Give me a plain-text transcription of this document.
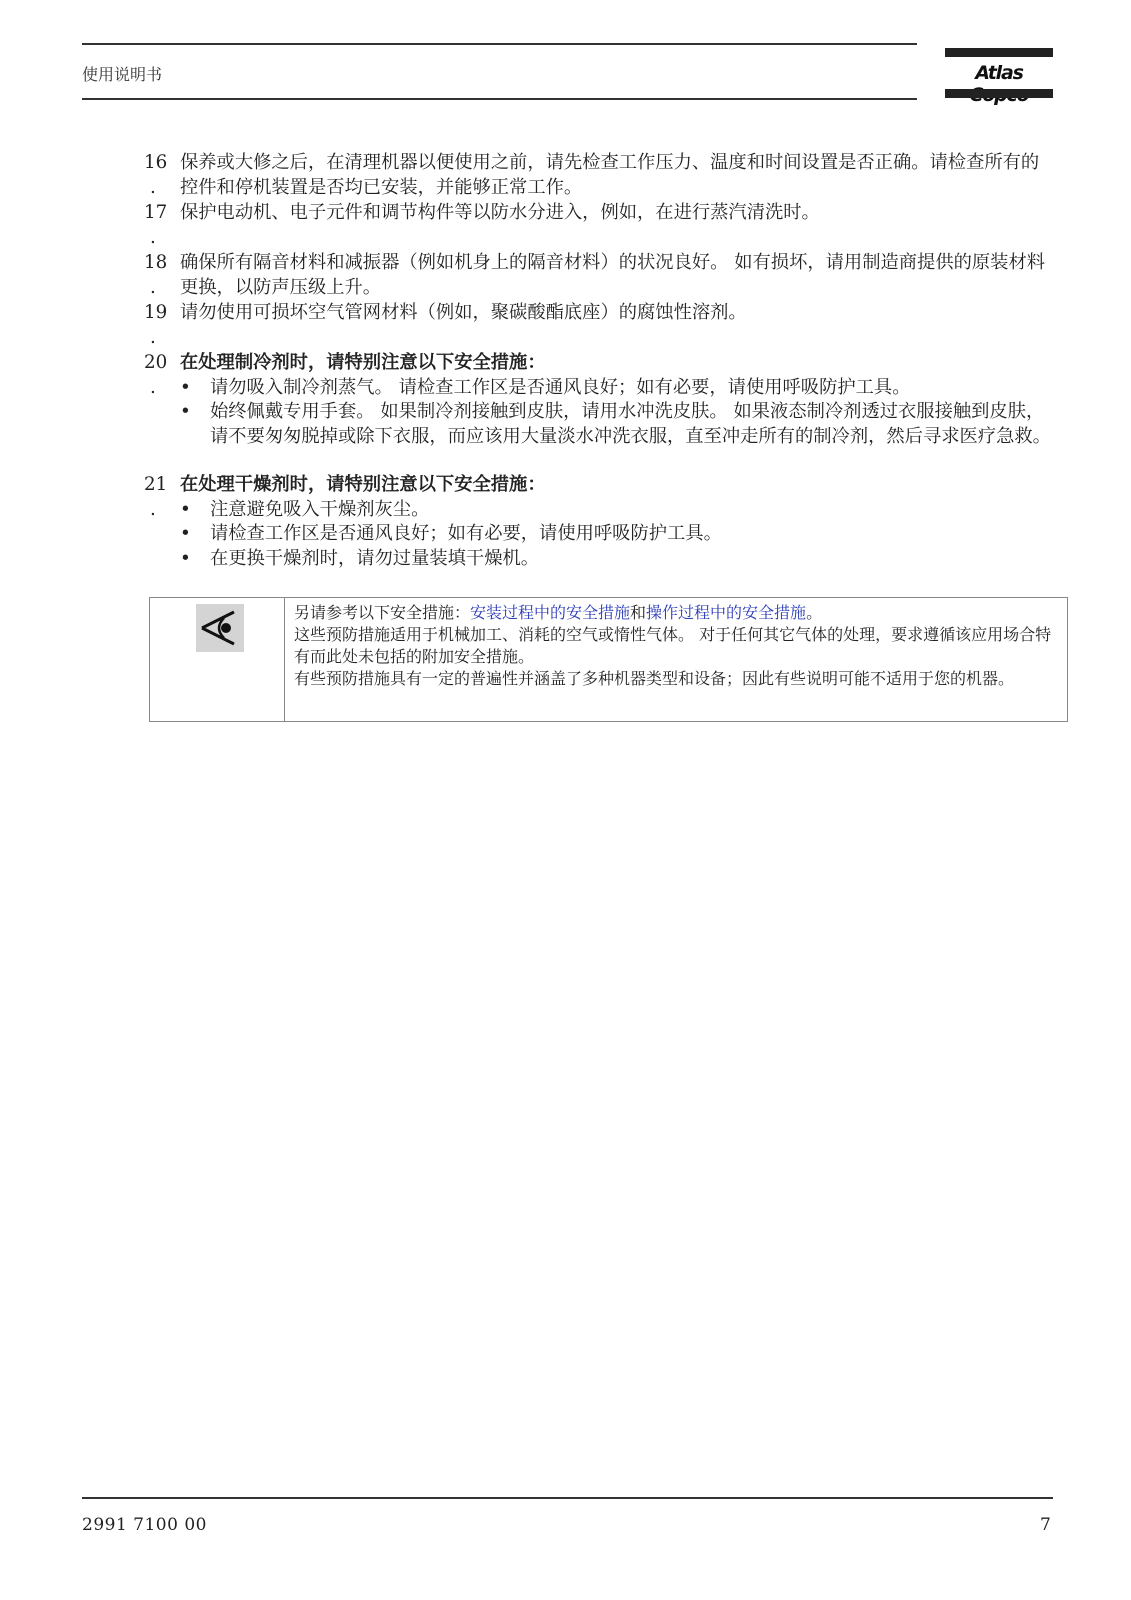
使用说明书	Atlas
16
.
保养或大修之后，在清理机器以便使用之前，请先检查工作压力、温度和时间设置是否正确。请检查所有的控件和停机装置是否均已安装，并能够正常工作。
17
.
保护电动机、电子元件和调节构件等以防水分进入，例如，在进行蒸汽清洗时。
18
.
确保所有隔音材料和减振器（例如机身上的隔音材料）的状况良好。 如有损坏，请用制造商提供的原装材料更换，以防声压级上升。
19
.
请勿使用可损坏空气管网材料（例如，聚碳酸酯底座）的腐蚀性溶剂。
20
.
在处理制冷剂时，请特别注意以下安全措施：
• 请勿吸入制冷剂蒸气。 请检查工作区是否通风良好；如有必要，请使用呼吸防护工具。
• 始终佩戴专用手套。 如果制冷剂接触到皮肤，请用水冲洗皮肤。 如果液态制冷剂透过衣服接触到皮肤，请不要匆匆脱掉或除下衣服，而应该用大量淡水冲洗衣服，直至冲走所有的制冷剂，然后寻求医疗急救。
21
.
在处理干燥剂时，请特别注意以下安全措施：
• 注意避免吸入干燥剂灰尘。
• 请检查工作区是否通风良好；如有必要，请使用呼吸防护工具。
• 在更换干燥剂时，请勿过量装填干燥机。
另请参考以下安全措施：安装过程中的安全措施和操作过程中的安全措施。
这些预防措施适用于机械加工、消耗的空气或惰性气体。 对于任何其它气体的处理，要求遵循该应用场合特有而此处未包括的附加安全措施。
有些预防措施具有一定的普遍性并涵盖了多种机器类型和设备；因此有些说明可能不适用于您的机器。
2991 7100 00	7
